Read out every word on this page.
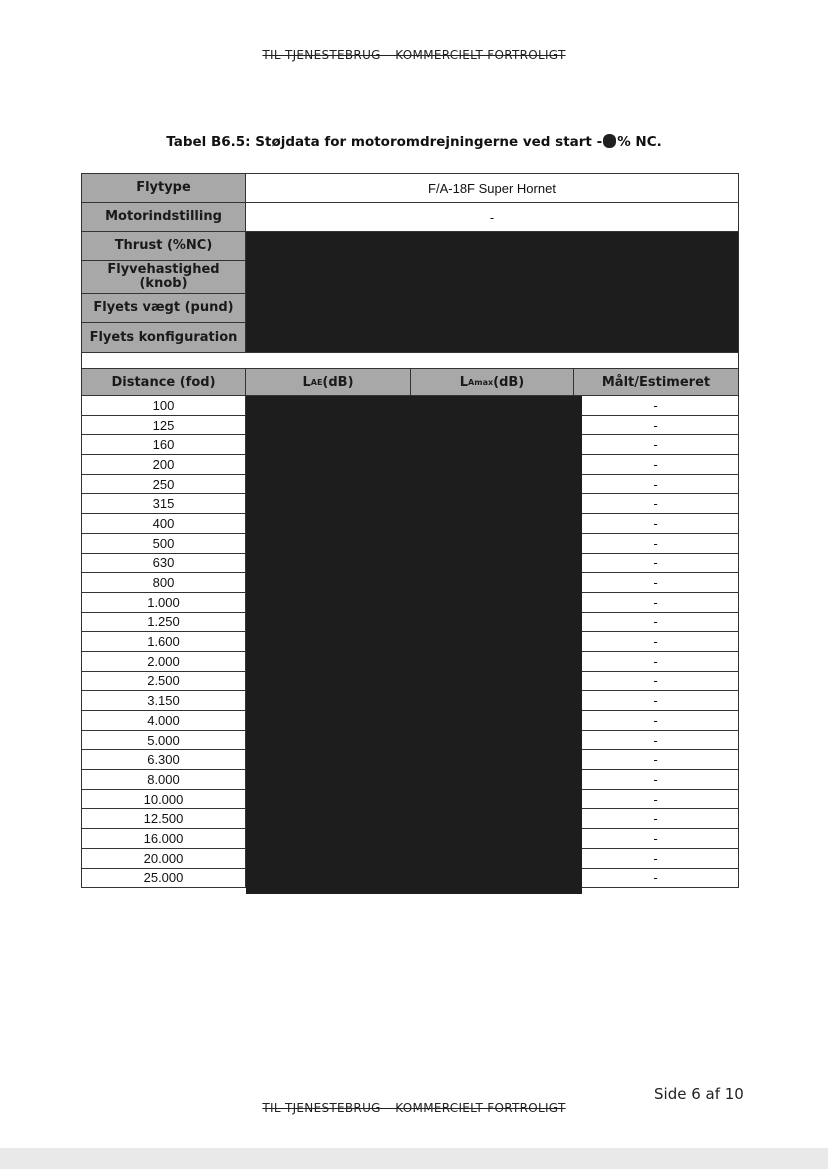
TIL TJENESTEBRUG – KOMMERCIELT FORTROLIGT
Tabel B6.5: Støjdata for motoromdrejningerne ved start - % NC.
Flytype	F/A-18F Super Hornet
Motorindstilling	-
Thrust (%NC)
Flyvehastighed (knob)
Flyets vægt (pund)
Flyets konfiguration
Distance (fod)	L AE (dB)	L Amax (dB)	Målt/Estimeret
100	-
125	-
160	-
200	-
250	-
315	-
400	-
500	-
630	-
800	-
1.000	-
1.250	-
1.600	-
2.000	-
2.500	-
3.150	-
4.000	-
5.000	-
6.300	-
8.000	-
10.000	-
12.500	-
16.000	-
20.000	-
25.000	-
Side 6 af 10
TIL TJENESTEBRUG – KOMMERCIELT FORTROLIGT
